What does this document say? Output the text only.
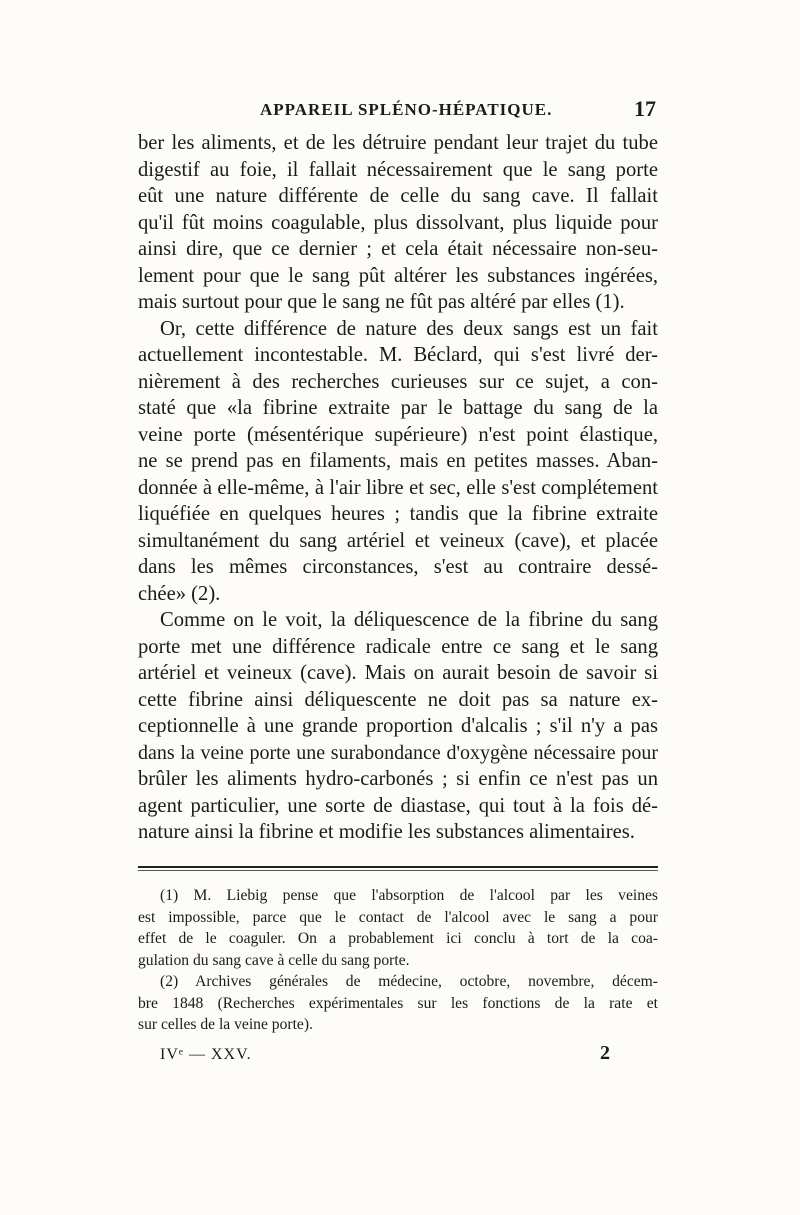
APPAREIL SPLÉNO-HÉPATIQUE.	17
ber les aliments, et de les détruire pendant leur trajet du tube
digestif au foie, il fallait nécessairement que le sang porte
eût une nature différente de celle du sang cave. Il fallait
qu'il fût moins coagulable, plus dissolvant, plus liquide pour
ainsi dire, que ce dernier ; et cela était nécessaire non-seu-
lement pour que le sang pût altérer les substances ingérées,
mais surtout pour que le sang ne fût pas altéré par elles (1).
Or, cette différence de nature des deux sangs est un fait
actuellement incontestable. M. Béclard, qui s'est livré der-
nièrement à des recherches curieuses sur ce sujet, a con-
staté que «la fibrine extraite par le battage du sang de la
veine porte (mésentérique supérieure) n'est point élastique,
ne se prend pas en filaments, mais en petites masses. Aban-
donnée à elle-même, à l'air libre et sec, elle s'est complétement
liquéfiée en quelques heures ; tandis que la fibrine extraite
simultanément du sang artériel et veineux (cave), et placée
dans les mêmes circonstances, s'est au contraire dessé-
chée» (2).
Comme on le voit, la déliquescence de la fibrine du sang
porte met une différence radicale entre ce sang et le sang
artériel et veineux (cave). Mais on aurait besoin de savoir si
cette fibrine ainsi déliquescente ne doit pas sa nature ex-
ceptionnelle à une grande proportion d'alcalis ; s'il n'y a pas
dans la veine porte une surabondance d'oxygène nécessaire pour
brûler les aliments hydro-carbonés ; si enfin ce n'est pas un
agent particulier, une sorte de diastase, qui tout à la fois dé-
nature ainsi la fibrine et modifie les substances alimentaires.
(1) M. Liebig pense que l'absorption de l'alcool par les veines
est impossible, parce que le contact de l'alcool avec le sang a pour
effet de le coaguler. On a probablement ici conclu à tort de la coa-
gulation du sang cave à celle du sang porte.
(2) Archives générales de médecine, octobre, novembre, décem-
bre 1848 (Recherches expérimentales sur les fonctions de la rate et
sur celles de la veine porte).
IVᵉ — XXV.	2
